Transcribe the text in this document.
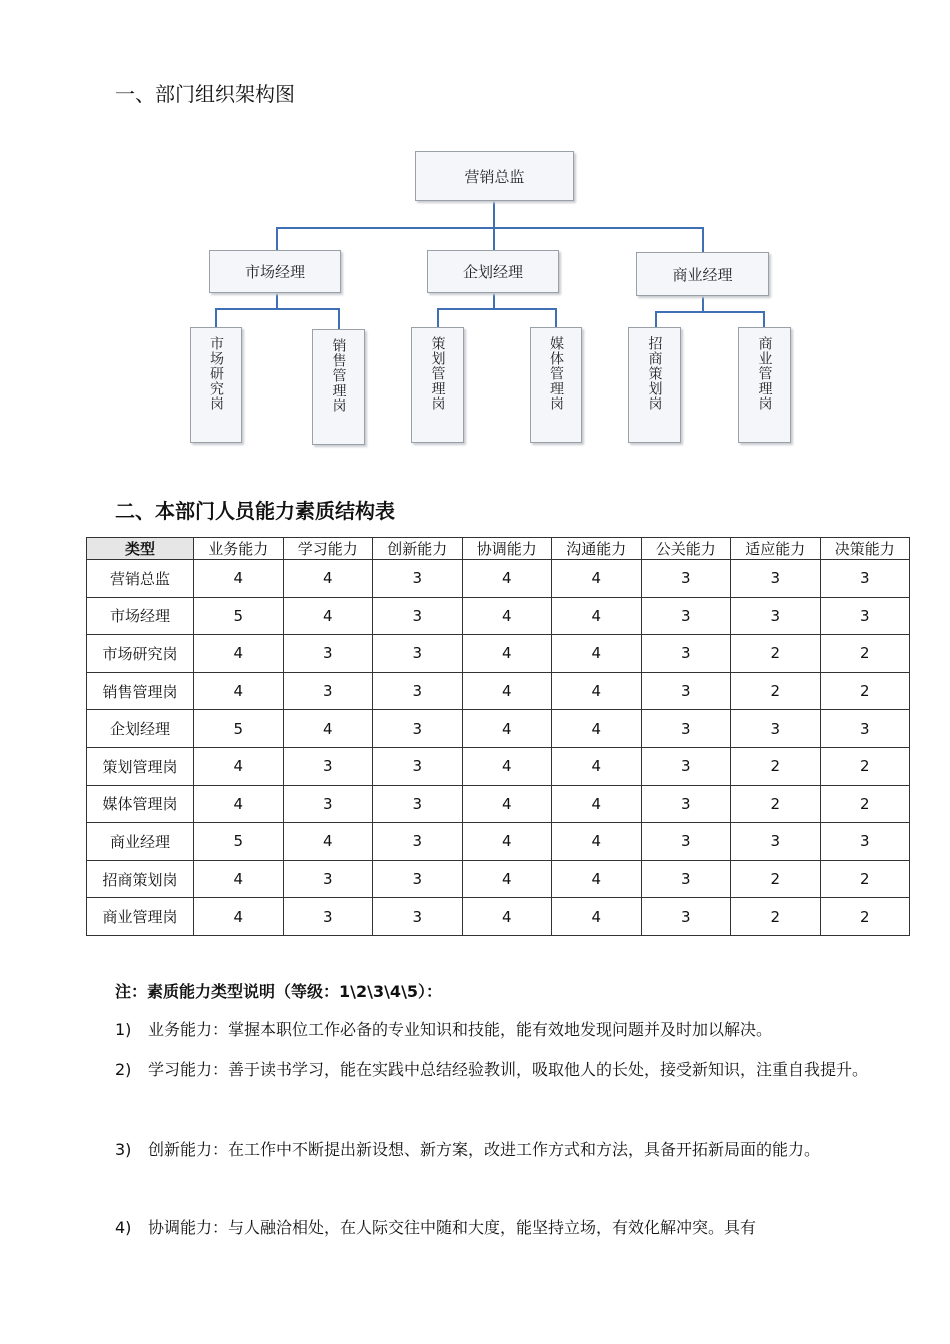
一、部门组织架构图
营销总监
市场经理	企划经理	商业经理
市场研究岗	销售管理岗	策划管理岗	媒体管理岗	招商策划岗	商业管理岗
二、本部门人员能力素质结构表
类型	业务能力	学习能力	创新能力	协调能力	沟通能力	公关能力	适应能力	决策能力
营销总监	4	4	3	4	4	3	3	3
市场经理	5	4	3	4	4	3	3	3
市场研究岗	4	3	3	4	4	3	2	2
销售管理岗	4	3	3	4	4	3	2	2
企划经理	5	4	3	4	4	3	3	3
策划管理岗	4	3	3	4	4	3	2	2
媒体管理岗	4	3	3	4	4	3	2	2
商业经理	5	4	3	4	4	3	3	3
招商策划岗	4	3	3	4	4	3	2	2
商业管理岗	4	3	3	4	4	3	2	2
注：素质能力类型说明（等级：1\2\3\4\5）：
1) 业务能力：掌握本职位工作必备的专业知识和技能，能有效地发现问题并及时加以解决。
2) 学习能力：善于读书学习，能在实践中总结经验教训，吸取他人的长处，接受新知识，注重自我提升。
3) 创新能力：在工作中不断提出新设想、新方案，改进工作方式和方法，具备开拓新局面的能力。
4) 协调能力：与人融洽相处，在人际交往中随和大度，能坚持立场，有效化解冲突。具有
